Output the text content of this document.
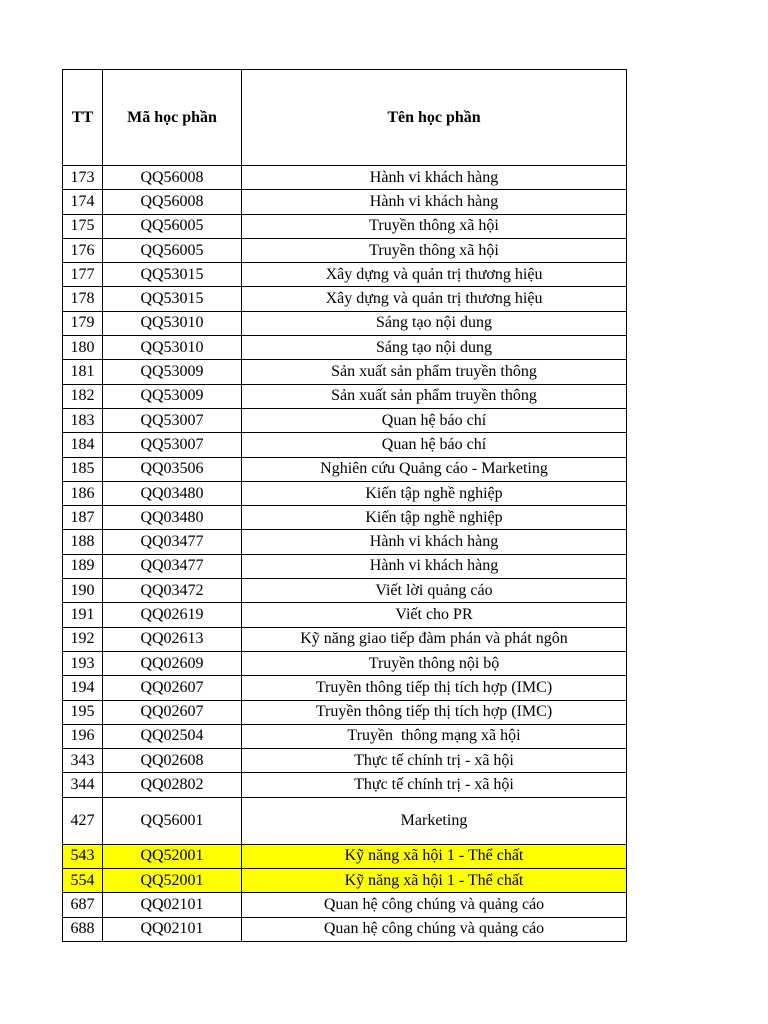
TT	Mã học phần	Tên học phần
173	QQ56008	Hành vi khách hàng
174	QQ56008	Hành vi khách hàng
175	QQ56005	Truyền thông xã hội
176	QQ56005	Truyền thông xã hội
177	QQ53015	Xây dựng và quản trị thương hiệu
178	QQ53015	Xây dựng và quản trị thương hiệu
179	QQ53010	Sáng tạo nội dung
180	QQ53010	Sáng tạo nội dung
181	QQ53009	Sản xuất sản phẩm truyền thông
182	QQ53009	Sản xuất sản phẩm truyền thông
183	QQ53007	Quan hệ báo chí
184	QQ53007	Quan hệ báo chí
185	QQ03506	Nghiên cứu Quảng cáo - Marketing
186	QQ03480	Kiến tập nghề nghiệp
187	QQ03480	Kiến tập nghề nghiệp
188	QQ03477	Hành vi khách hàng
189	QQ03477	Hành vi khách hàng
190	QQ03472	Viết lời quảng cáo
191	QQ02619	Viết cho PR
192	QQ02613	Kỹ năng giao tiếp đàm phán và phát ngôn
193	QQ02609	Truyền thông nội bộ
194	QQ02607	Truyền thông tiếp thị tích hợp (IMC)
195	QQ02607	Truyền thông tiếp thị tích hợp (IMC)
196	QQ02504	Truyền  thông mạng xã hội
343	QQ02608	Thực tế chính trị - xã hội
344	QQ02802	Thực tế chính trị - xã hội
427	QQ56001	Marketing
543	QQ52001	Kỹ năng xã hội 1 - Thể chất
554	QQ52001	Kỹ năng xã hội 1 - Thể chất
687	QQ02101	Quan hệ công chúng và quảng cáo
688	QQ02101	Quan hệ công chúng và quảng cáo
